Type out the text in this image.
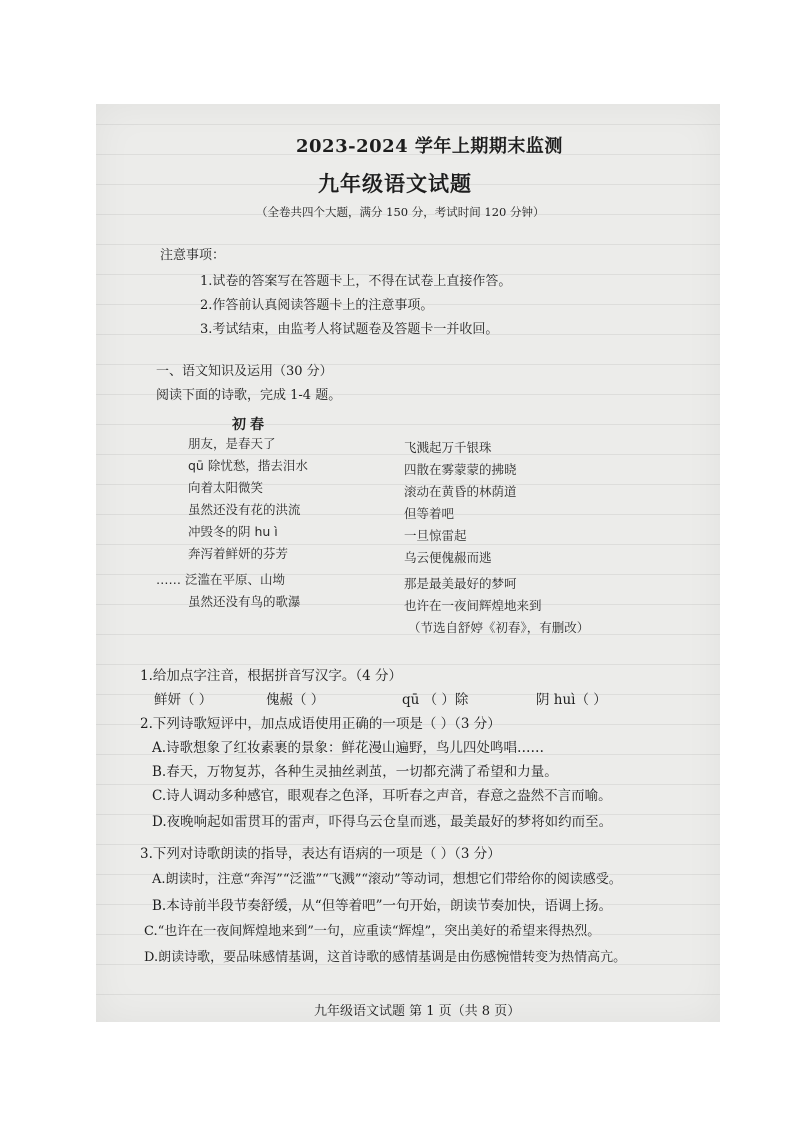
2023-2024 学年上期期末监测
九年级语文试题
（全卷共四个大题，满分 150 分，考试时间 120 分钟）
注意事项：
1.试卷的答案写在答题卡上，不得在试卷上直接作答。
2.作答前认真阅读答题卡上的注意事项。
3.考试结束，由监考人将试题卷及答题卡一并收回。
一、语文知识及运用（30 分）
阅读下面的诗歌，完成 1-4 题。
初春
朋友，是春天了
qū 除忧愁，揩去泪水
向着太阳微笑
虽然还没有花的洪流
冲毁冬的阴 hu ì
奔泻着鲜妍的芬芳
…… 泛滥在平原、山坳
虽然还没有鸟的歌瀑
飞溅起万千银珠
四散在雾蒙蒙的拂晓
滚动在黄昏的林荫道
但等着吧
一旦惊雷起
乌云便傀赧而逃
那是最美最好的梦呵
也许在一夜间辉煌地来到
（节选自舒婷《初春》，有删改）
1.给加点字注音，根据拼音写汉字。（4 分）
鲜妍（ ）	傀赧（ ）	qū （ ）除	阴 huì（ ）
2.下列诗歌短评中，加点成语使用正确的一项是（ ）（3 分）
A.诗歌想象了红妆素裹的景象：鲜花漫山遍野，鸟儿四处鸣唱……
B.春天，万物复苏，各种生灵抽丝剥茧，一切都充满了希望和力量。
C.诗人调动多种感官，眼观春之色泽，耳听春之声音，春意之盎然不言而喻。
D.夜晚响起如雷贯耳的雷声，吓得乌云仓皇而逃，最美最好的梦将如约而至。
3.下列对诗歌朗读的指导，表达有语病的一项是（ ）（3 分）
A.朗读时，注意“奔泻”“泛滥”“飞溅”“滚动”等动词，想想它们带给你的阅读感受。
B.本诗前半段节奏舒缓，从“但等着吧”一句开始，朗读节奏加快，语调上扬。
C.“也许在一夜间辉煌地来到”一句，应重读“辉煌”，突出美好的希望来得热烈。
D.朗读诗歌，要品味感情基调，这首诗歌的感情基调是由伤感惋惜转变为热情高亢。
九年级语文试题 第 1 页（共 8 页）
